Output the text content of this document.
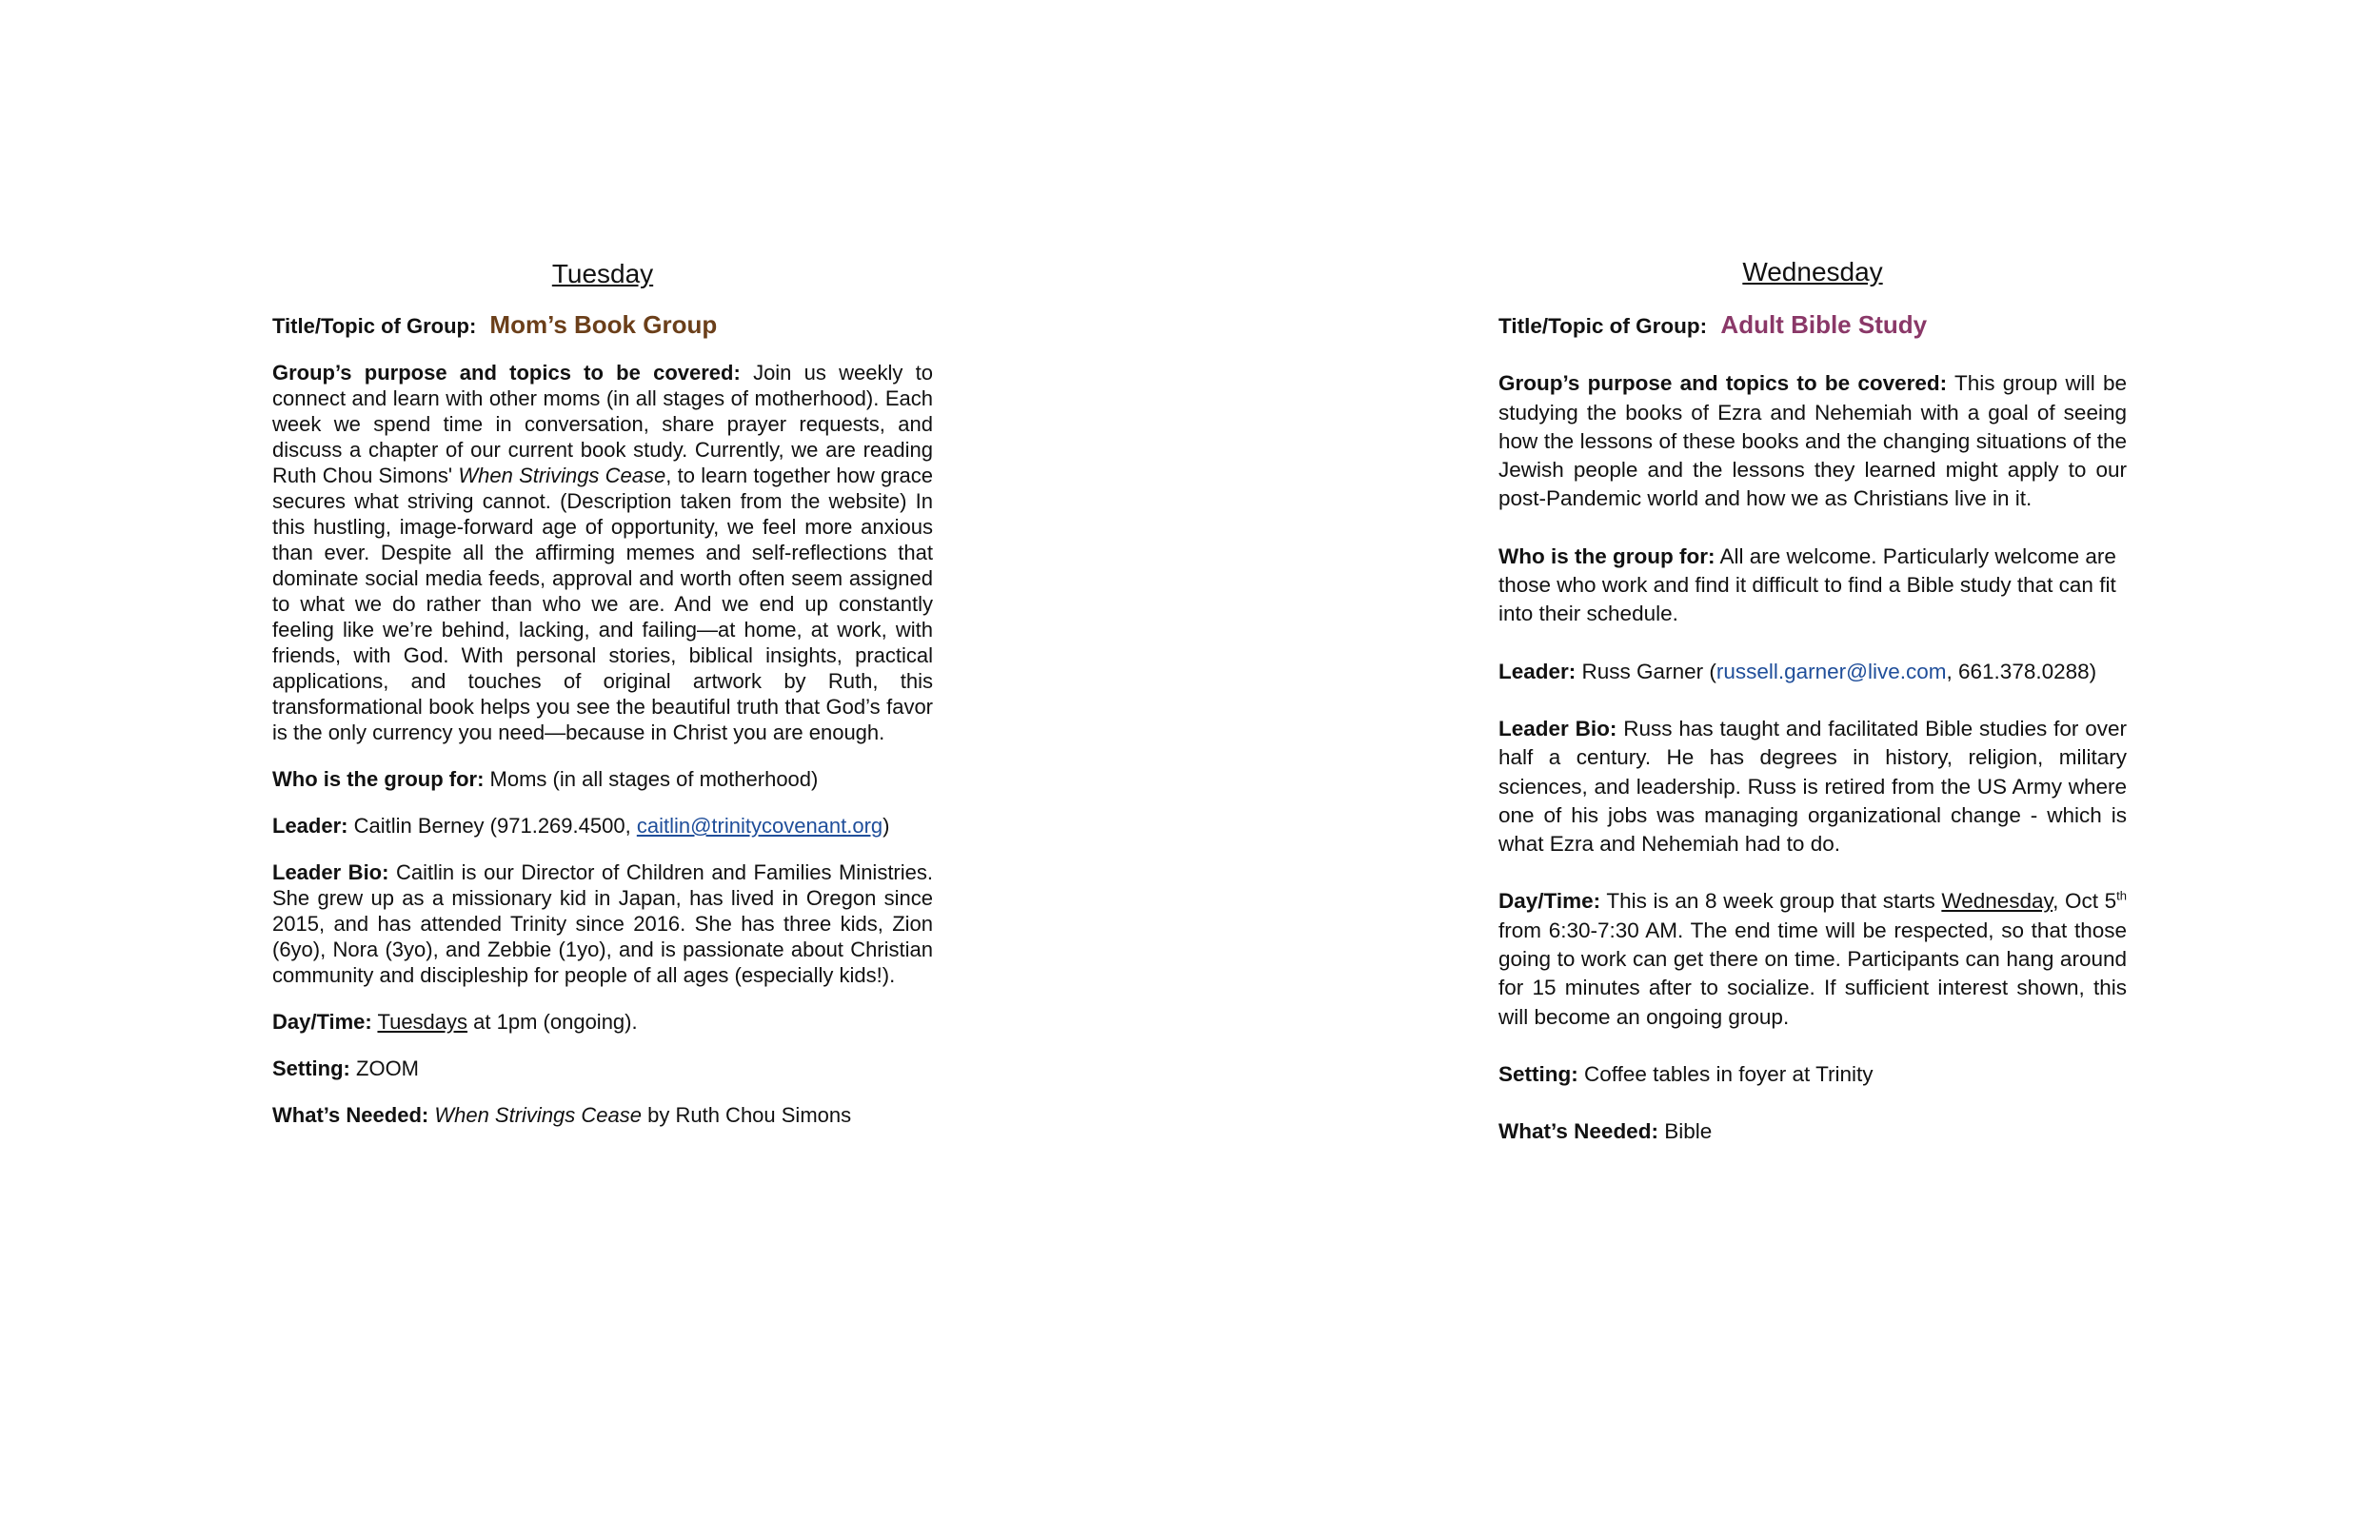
Tuesday
Title/Topic of Group: Mom’s Book Group
Group’s purpose and topics to be covered: Join us weekly to connect and learn with other moms (in all stages of motherhood). Each week we spend time in conversation, share prayer requests, and discuss a chapter of our current book study. Currently, we are reading Ruth Chou Simons' When Strivings Cease, to learn together how grace secures what striving cannot. (Description taken from the website) In this hustling, image-forward age of opportunity, we feel more anxious than ever. Despite all the affirming memes and self-reflections that dominate social media feeds, approval and worth often seem assigned to what we do rather than who we are. And we end up constantly feeling like we’re behind, lacking, and failing—at home, at work, with friends, with God. With personal stories, biblical insights, practical applications, and touches of original artwork by Ruth, this transformational book helps you see the beautiful truth that God’s favor is the only currency you need—because in Christ you are enough.
Who is the group for: Moms (in all stages of motherhood)
Leader: Caitlin Berney (971.269.4500, caitlin@trinitycovenant.org)
Leader Bio: Caitlin is our Director of Children and Families Ministries. She grew up as a missionary kid in Japan, has lived in Oregon since 2015, and has attended Trinity since 2016. She has three kids, Zion (6yo), Nora (3yo), and Zebbie (1yo), and is passionate about Christian community and discipleship for people of all ages (especially kids!).
Day/Time: Tuesdays at 1pm (ongoing).
Setting: ZOOM
What’s Needed: When Strivings Cease by Ruth Chou Simons
Wednesday
Title/Topic of Group: Adult Bible Study
Group’s purpose and topics to be covered: This group will be studying the books of Ezra and Nehemiah with a goal of seeing how the lessons of these books and the changing situations of the Jewish people and the lessons they learned might apply to our post-Pandemic world and how we as Christians live in it.
Who is the group for: All are welcome. Particularly welcome are those who work and find it difficult to find a Bible study that can fit into their schedule.
Leader: Russ Garner (russell.garner@live.com, 661.378.0288)
Leader Bio: Russ has taught and facilitated Bible studies for over half a century. He has degrees in history, religion, military sciences, and leadership. Russ is retired from the US Army where one of his jobs was managing organizational change - which is what Ezra and Nehemiah had to do.
Day/Time: This is an 8 week group that starts Wednesday, Oct 5th from 6:30-7:30 AM. The end time will be respected, so that those going to work can get there on time. Participants can hang around for 15 minutes after to socialize. If sufficient interest shown, this will become an ongoing group.
Setting: Coffee tables in foyer at Trinity
What’s Needed: Bible
